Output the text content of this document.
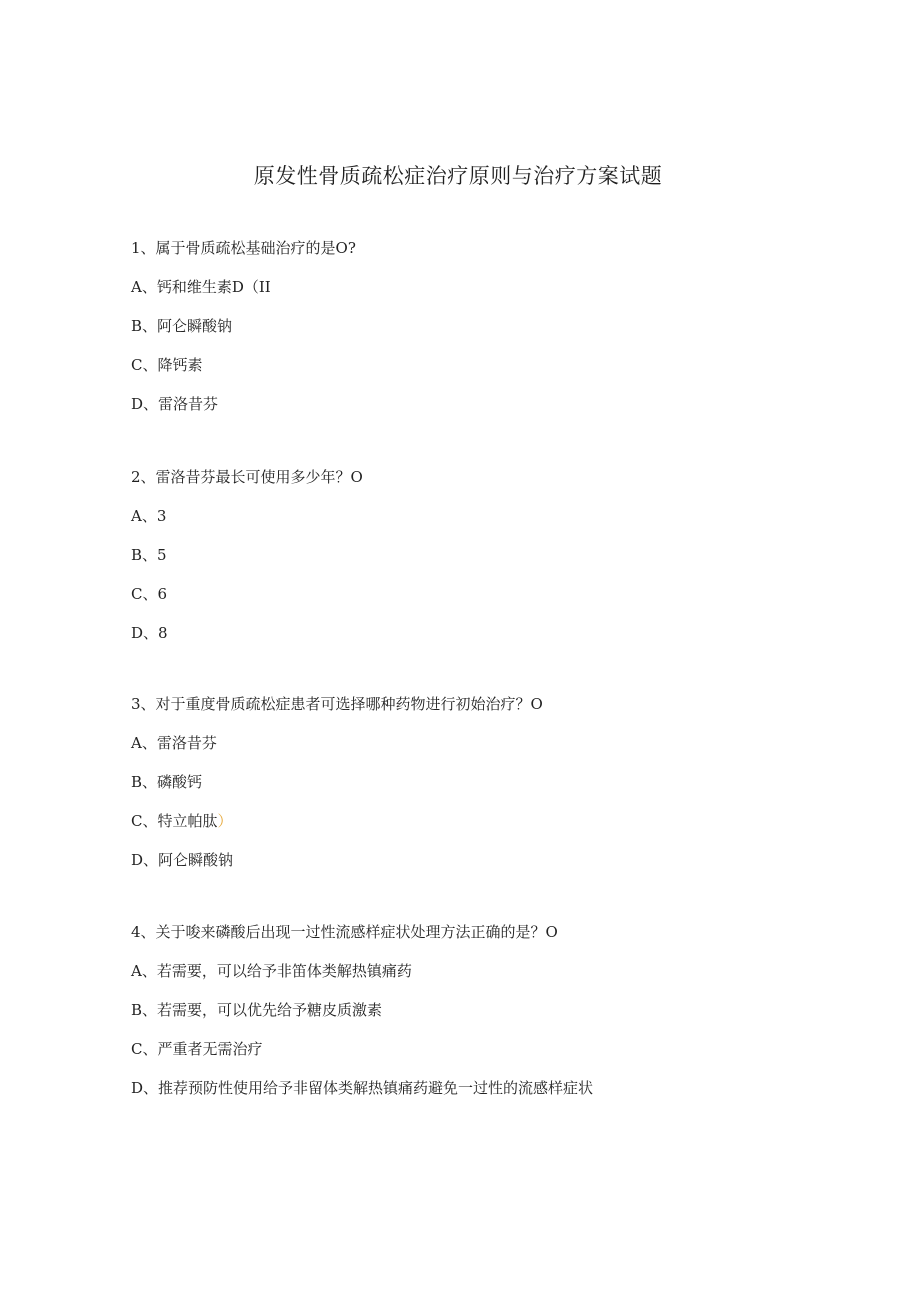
原发性骨质疏松症治疗原则与治疗方案试题
1、属于骨质疏松基础治疗的是O?
A、钙和维生素D（II
B、阿仑瞬酸钠
C、降钙素
D、雷洛昔芬
2、雷洛昔芬最长可使用多少年？O
A、3
B、5
C、6
D、8
3、对于重度骨质疏松症患者可选择哪种药物进行初始治疗？O
A、雷洛昔芬
B、磷酸钙
C、特立帕肽）
D、阿仑瞬酸钠
4、关于唆来磷酸后出现一过性流感样症状处理方法正确的是？O
A、若需要，可以给予非笛体类解热镇痛药
B、若需要，可以优先给予糖皮质激素
C、严重者无需治疗
D、推荐预防性使用给予非留体类解热镇痛药避免一过性的流感样症状
